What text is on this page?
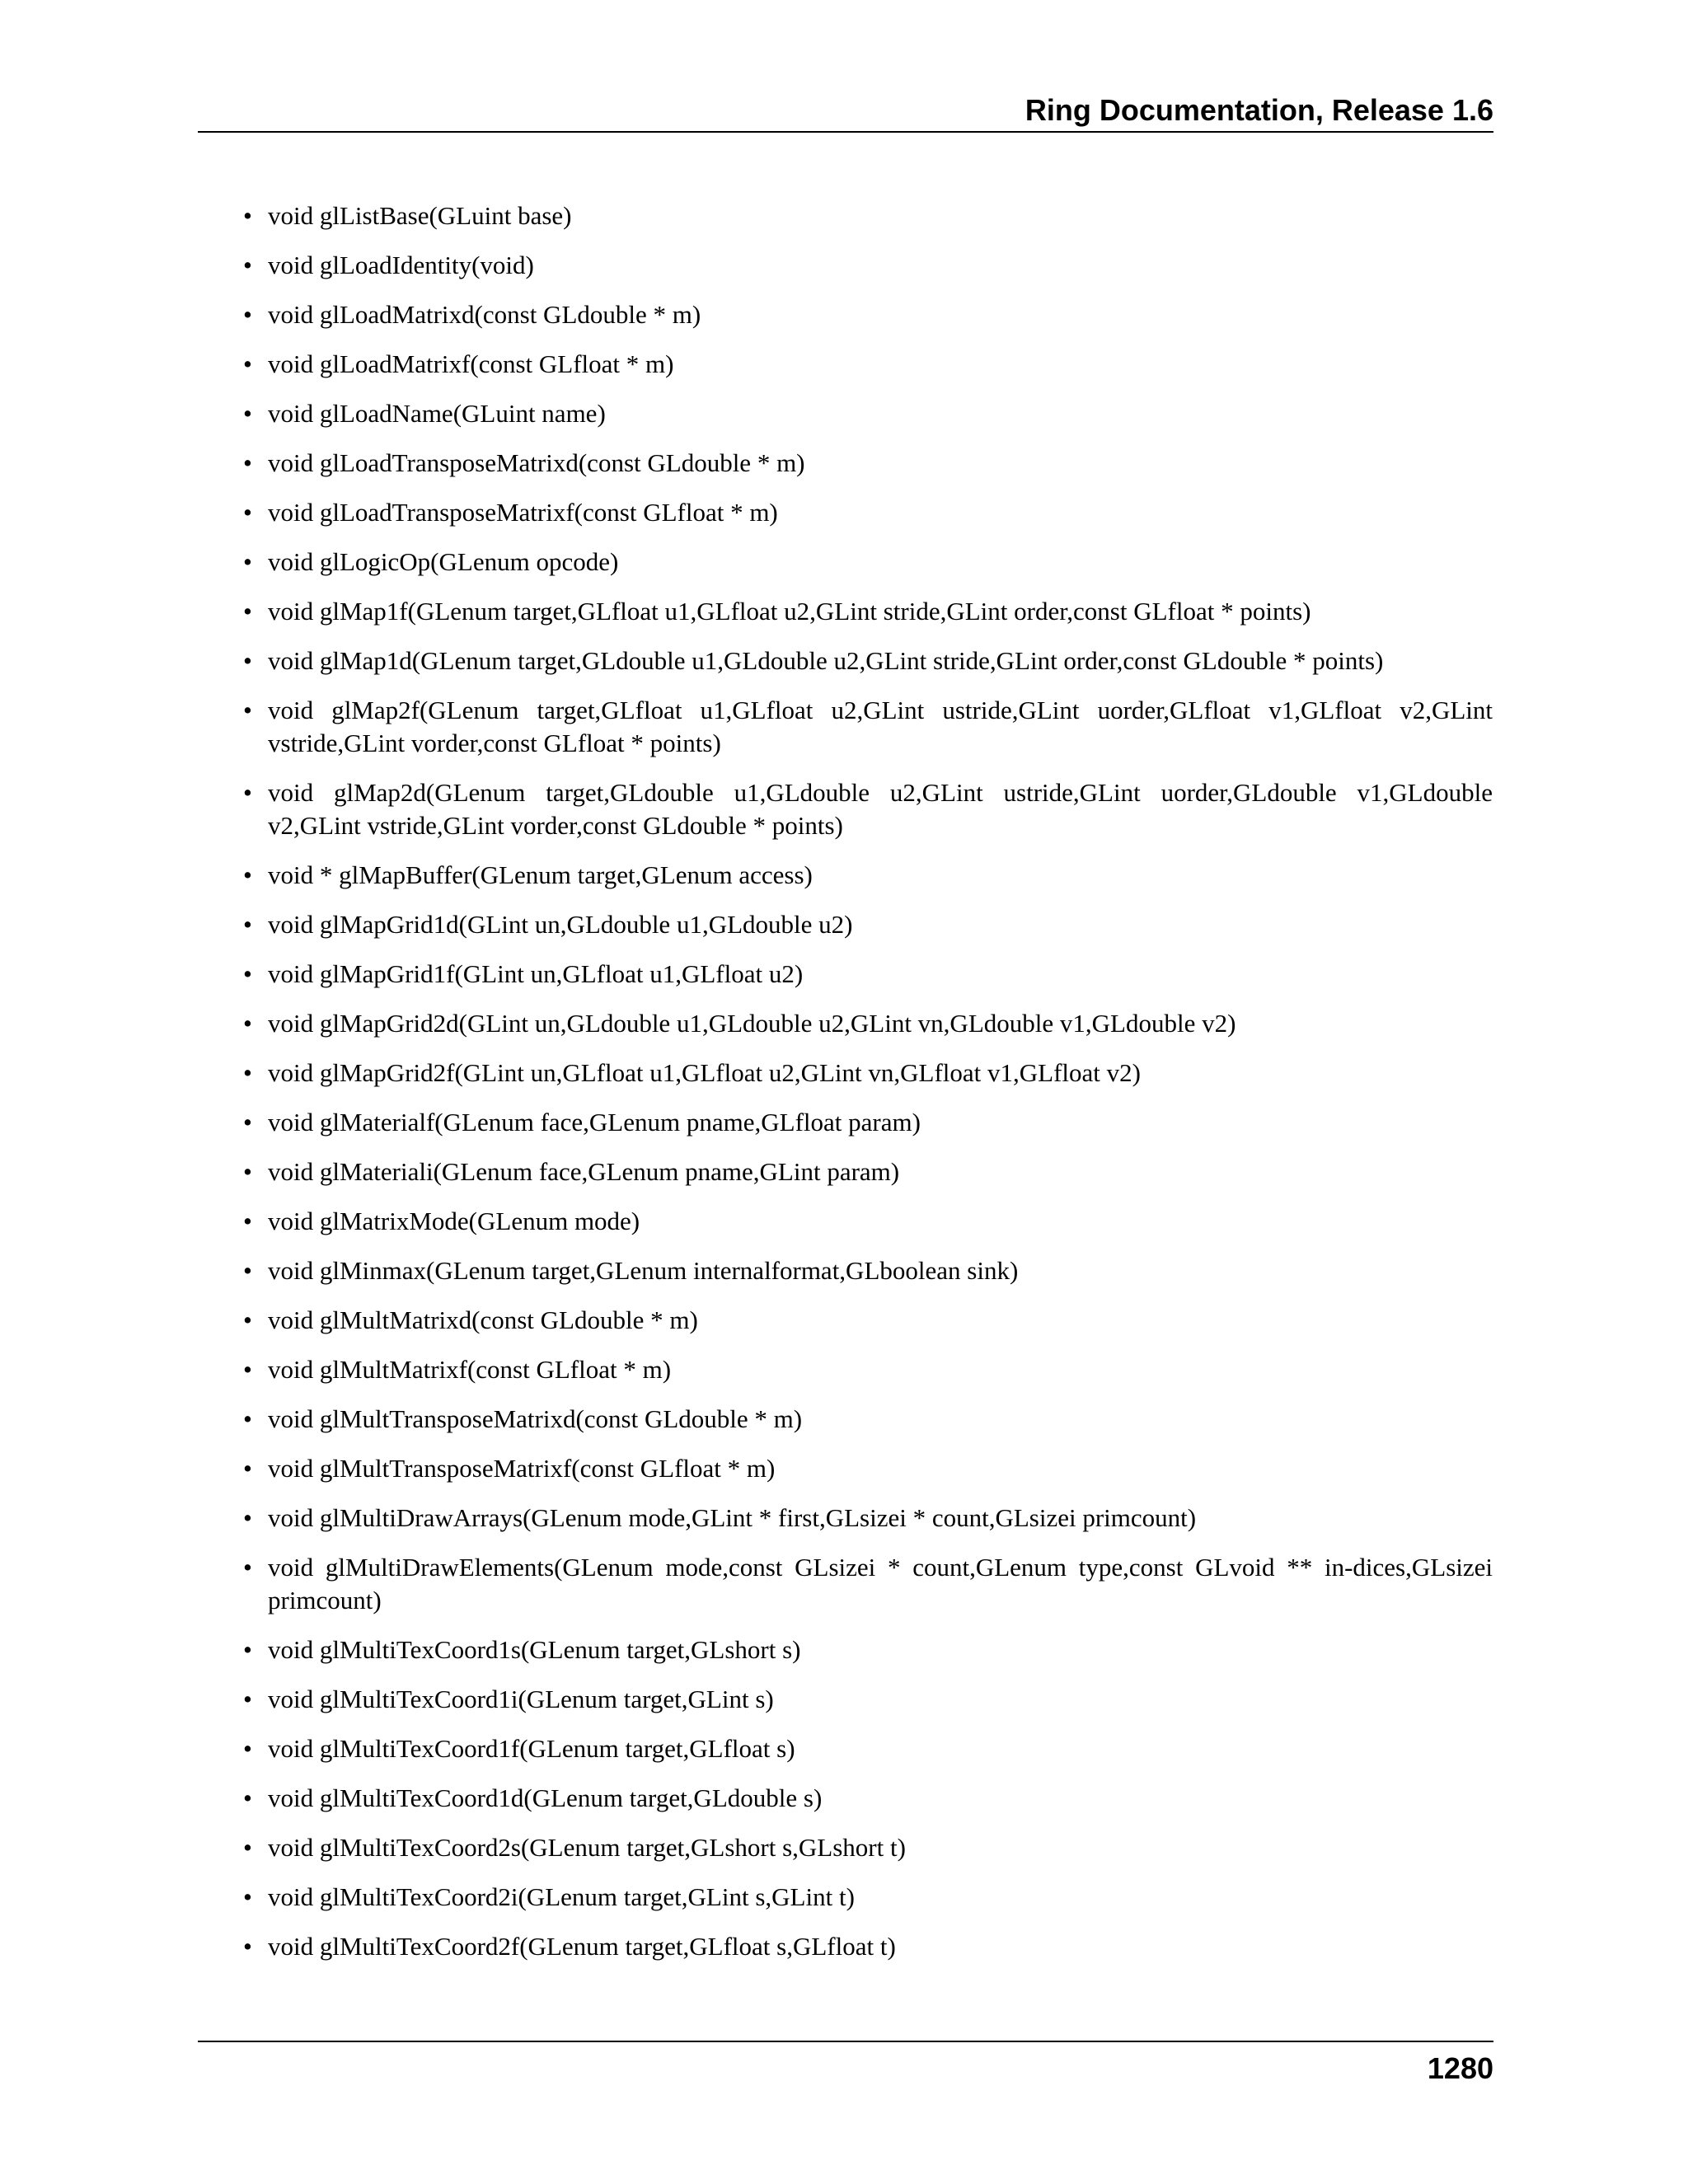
Ring Documentation, Release 1.6
• void glListBase(GLuint base)
• void glLoadIdentity(void)
• void glLoadMatrixd(const GLdouble * m)
• void glLoadMatrixf(const GLfloat * m)
• void glLoadName(GLuint name)
• void glLoadTransposeMatrixd(const GLdouble * m)
• void glLoadTransposeMatrixf(const GLfloat * m)
• void glLogicOp(GLenum opcode)
• void glMap1f(GLenum target,GLfloat u1,GLfloat u2,GLint stride,GLint order,const GLfloat * points)
• void glMap1d(GLenum target,GLdouble u1,GLdouble u2,GLint stride,GLint order,const GLdouble * points)
• void glMap2f(GLenum target,GLfloat u1,GLfloat u2,GLint ustride,GLint uorder,GLfloat v1,GLfloat v2,GLint vstride,GLint vorder,const GLfloat * points)
• void glMap2d(GLenum target,GLdouble u1,GLdouble u2,GLint ustride,GLint uorder,GLdouble v1,GLdouble v2,GLint vstride,GLint vorder,const GLdouble * points)
• void * glMapBuffer(GLenum target,GLenum access)
• void glMapGrid1d(GLint un,GLdouble u1,GLdouble u2)
• void glMapGrid1f(GLint un,GLfloat u1,GLfloat u2)
• void glMapGrid2d(GLint un,GLdouble u1,GLdouble u2,GLint vn,GLdouble v1,GLdouble v2)
• void glMapGrid2f(GLint un,GLfloat u1,GLfloat u2,GLint vn,GLfloat v1,GLfloat v2)
• void glMaterialf(GLenum face,GLenum pname,GLfloat param)
• void glMateriali(GLenum face,GLenum pname,GLint param)
• void glMatrixMode(GLenum mode)
• void glMinmax(GLenum target,GLenum internalformat,GLboolean sink)
• void glMultMatrixd(const GLdouble * m)
• void glMultMatrixf(const GLfloat * m)
• void glMultTransposeMatrixd(const GLdouble * m)
• void glMultTransposeMatrixf(const GLfloat * m)
• void glMultiDrawArrays(GLenum mode,GLint * first,GLsizei * count,GLsizei primcount)
• void glMultiDrawElements(GLenum mode,const GLsizei * count,GLenum type,const GLvoid ** in-dices,GLsizei primcount)
• void glMultiTexCoord1s(GLenum target,GLshort s)
• void glMultiTexCoord1i(GLenum target,GLint s)
• void glMultiTexCoord1f(GLenum target,GLfloat s)
• void glMultiTexCoord1d(GLenum target,GLdouble s)
• void glMultiTexCoord2s(GLenum target,GLshort s,GLshort t)
• void glMultiTexCoord2i(GLenum target,GLint s,GLint t)
• void glMultiTexCoord2f(GLenum target,GLfloat s,GLfloat t)
1280
